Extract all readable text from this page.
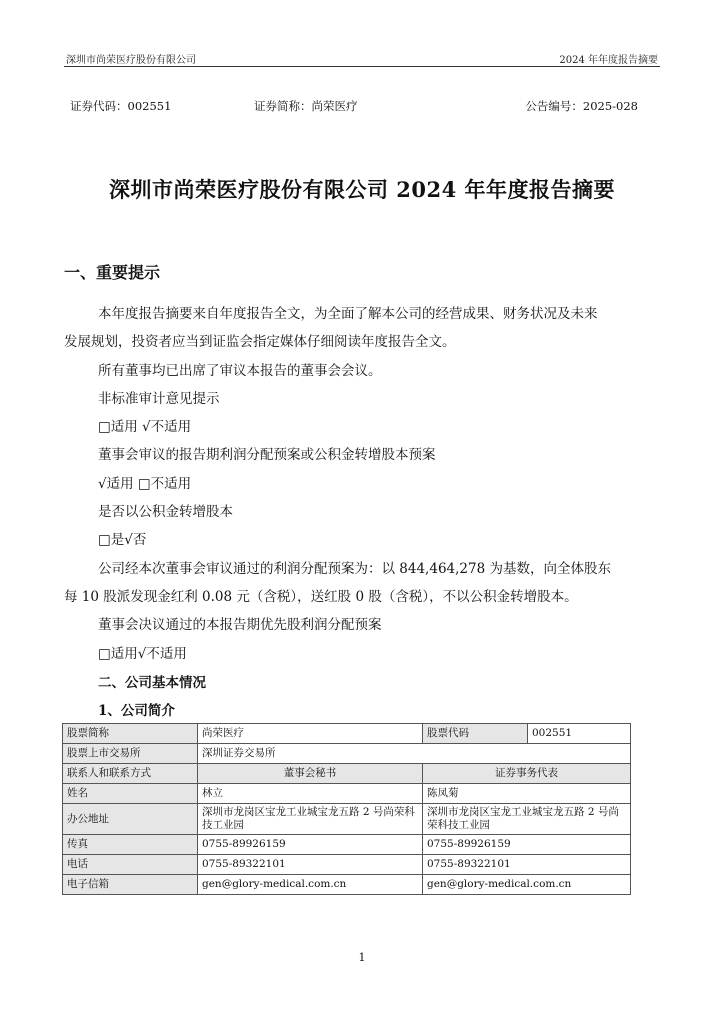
深圳市尚荣医疗股份有限公司	2024 年年度报告摘要
证券代码：002551	证券简称：尚荣医疗	公告编号：2025-028
深圳市尚荣医疗股份有限公司 2024 年年度报告摘要
一、重要提示
本年度报告摘要来自年度报告全文，为全面了解本公司的经营成果、财务状况及未来
发展规划，投资者应当到证监会指定媒体仔细阅读年度报告全文。
所有董事均已出席了审议本报告的董事会会议。
非标准审计意见提示
□适用 √不适用
董事会审议的报告期利润分配预案或公积金转增股本预案
√适用 □不适用
是否以公积金转增股本
□是√否
公司经本次董事会审议通过的利润分配预案为：以 844,464,278 为基数，向全体股东
每 10 股派发现金红利 0.08 元（含税），送红股 0 股（含税），不以公积金转增股本。
董事会决议通过的本报告期优先股利润分配预案
□适用√不适用
二、公司基本情况
1、公司简介
股票简称	尚荣医疗	股票代码	002551
股票上市交易所	深圳证券交易所		
联系人和联系方式	董事会秘书	证券事务代表	
姓名	林立	陈凤菊	
办公地址	深圳市龙岗区宝龙工业城宝龙五路 2 号尚荣科技工业园	深圳市龙岗区宝龙工业城宝龙五路 2 号尚荣科技工业园	
传真	0755-89926159	0755-89926159	
电话	0755-89322101	0755-89322101	
电子信箱	gen@glory-medical.com.cn	gen@glory-medical.com.cn	
1
